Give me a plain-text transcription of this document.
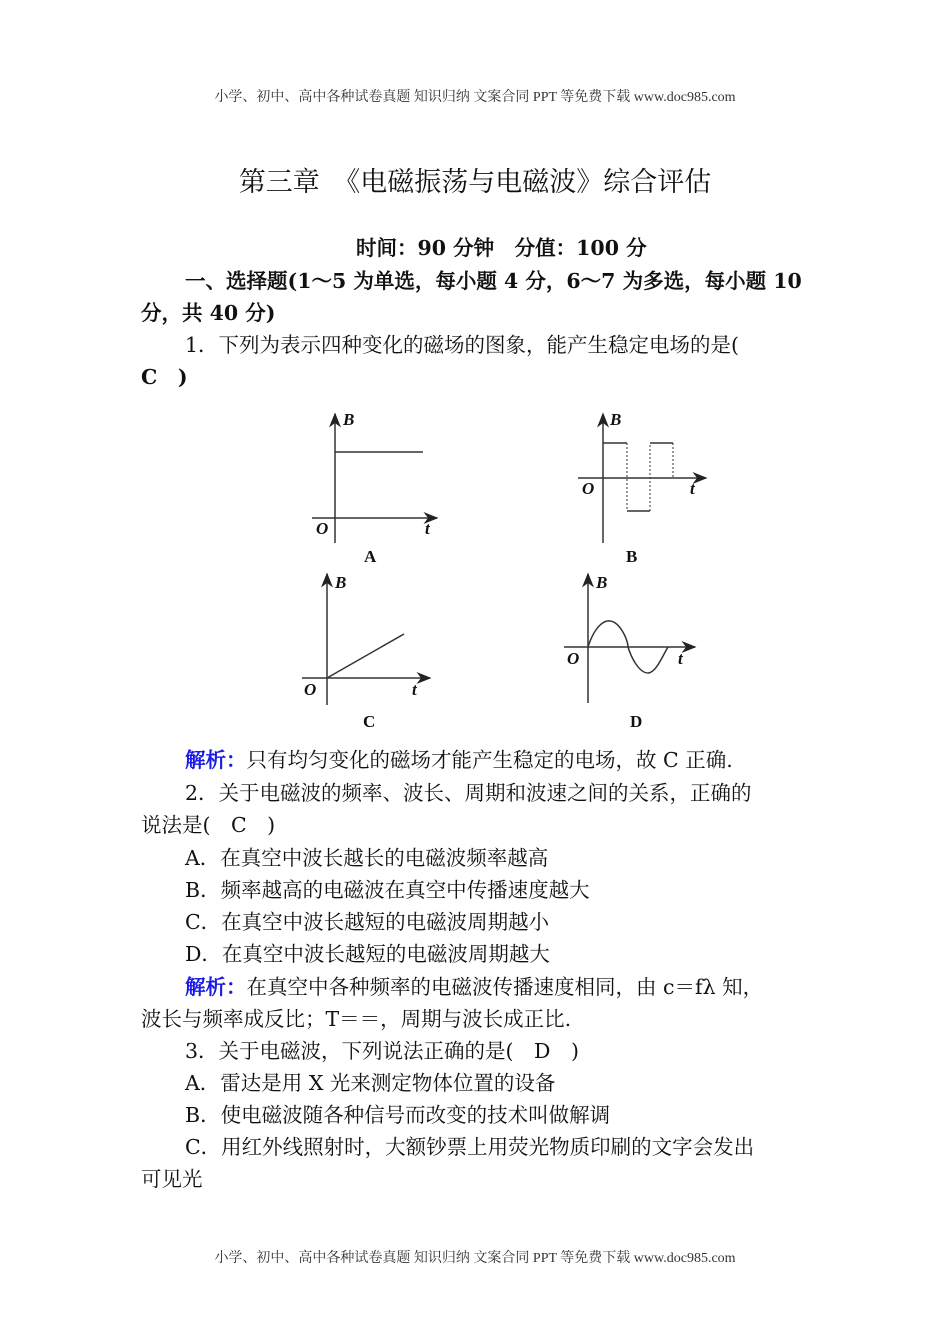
小学、初中、高中各种试卷真题 知识归纳 文案合同 PPT 等免费下载 www.doc985.com
第三章　《电磁振荡与电磁波》综合评估
时间：90 分钟　分值：100 分
一、选择题(1～5 为单选，每小题 4 分，6～7 为多选，每小题 10
分，共 40 分)
1．下列为表示四种变化的磁场的图象，能产生稳定电场的是(
C　)
B
O	t
A
B
O	t
B
B
O	t
C
B
O	t
D
解析：只有均匀变化的磁场才能产生稳定的电场，故 C 正确.
2．关于电磁波的频率、波长、周期和波速之间的关系，正确的
说法是(　C　)
A．在真空中波长越长的电磁波频率越高
B．频率越高的电磁波在真空中传播速度越大
C．在真空中波长越短的电磁波周期越小
D．在真空中波长越短的电磁波周期越大
解析：在真空中各种频率的电磁波传播速度相同，由 c＝fλ 知，
波长与频率成反比；T＝＝，周期与波长成正比.
3．关于电磁波，下列说法正确的是(　D　)
A．雷达是用 X 光来测定物体位置的设备
B．使电磁波随各种信号而改变的技术叫做解调
C．用红外线照射时，大额钞票上用荧光物质印刷的文字会发出
可见光
小学、初中、高中各种试卷真题 知识归纳 文案合同 PPT 等免费下载 www.doc985.com
